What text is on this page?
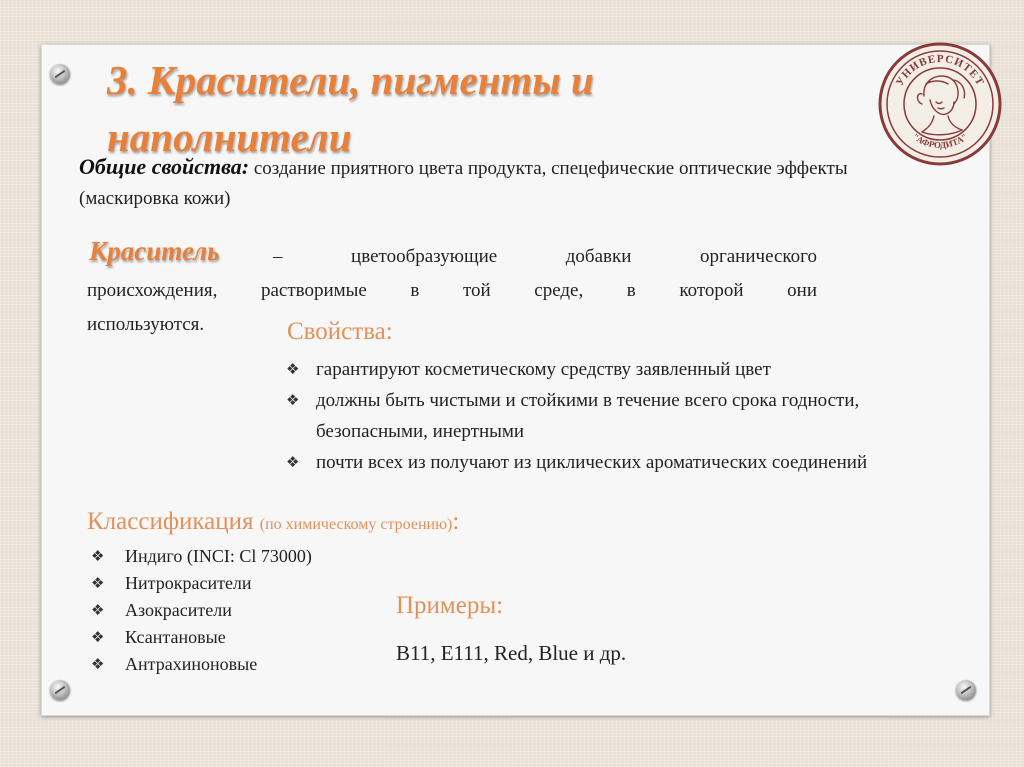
УНИВЕРСИТЕТ
"АФРОДИТА"
3. Красители, пигменты и
наполнители
Общие свойства: создание приятного цвета продукта, спецефические оптические эффекты (маскировка кожи)
Краситель	– цветообразующие добавки органического
происхождения, растворимые в той среде, в которой они
используются.	Свойства:
❖ гарантируют косметическому средству заявленный цвет
❖ должны быть чистыми и стойкими в течение всего срока годности, безопасными, инертными
❖ почти всех из получают из циклических ароматических соединений
Классификация (по химическому строению):
❖ Индиго (INCI: Cl 73000)
❖ Нитрокрасители
❖ Азокрасители
❖ Ксантановые
❖ Антрахиноновые
Примеры:
В11, Е111, Red, Blue и др.
